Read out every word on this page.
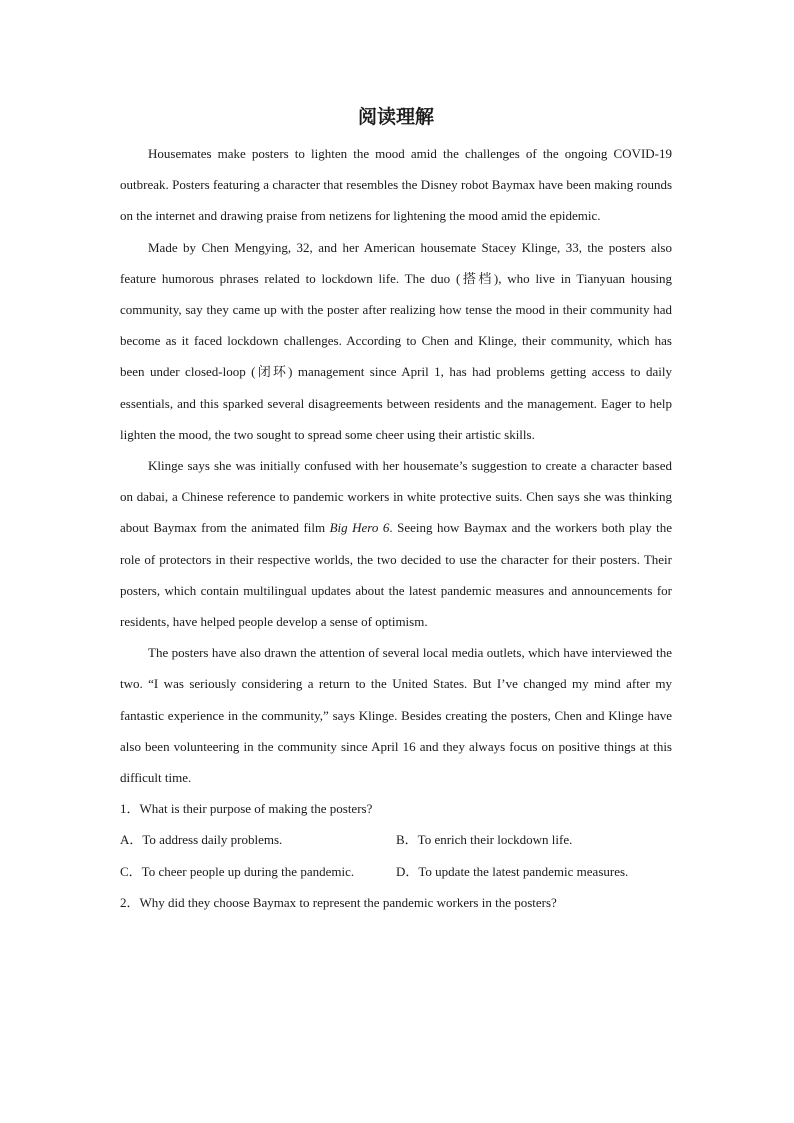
阅读理解

Housemates make posters to lighten the mood amid the challenges of the ongoing COVID-19 outbreak. Posters featuring a character that resembles the Disney robot Baymax have been making rounds on the internet and drawing praise from netizens for lightening the mood amid the epidemic.

Made by Chen Mengying, 32, and her American housemate Stacey Klinge, 33, the posters also feature humorous phrases related to lockdown life. The duo (搭档), who live in Tianyuan housing community, say they came up with the poster after realizing how tense the mood in their community had become as it faced lockdown challenges. According to Chen and Klinge, their community, which has been under closed-loop (闭环) management since April 1, has had problems getting access to daily essentials, and this sparked several disagreements between residents and the management. Eager to help lighten the mood, the two sought to spread some cheer using their artistic skills.

Klinge says she was initially confused with her housemate’s suggestion to create a character based on dabai, a Chinese reference to pandemic workers in white protective suits. Chen says she was thinking about Baymax from the animated film Big Hero 6. Seeing how Baymax and the workers both play the role of protectors in their respective worlds, the two decided to use the character for their posters. Their posters, which contain multilingual updates about the latest pandemic measures and announcements for residents, have helped people develop a sense of optimism.

The posters have also drawn the attention of several local media outlets, which have interviewed the two. “I was seriously considering a return to the United States. But I’ve changed my mind after my fantastic experience in the community,” says Klinge. Besides creating the posters, Chen and Klinge have also been volunteering in the community since April 16 and they always focus on positive things at this difficult time.

1．What is their purpose of making the posters?

A．To address daily problems.	B．To enrich their lockdown life.
C．To cheer people up during the pandemic.	D．To update the latest pandemic measures.

2．Why did they choose Baymax to represent the pandemic workers in the posters?
